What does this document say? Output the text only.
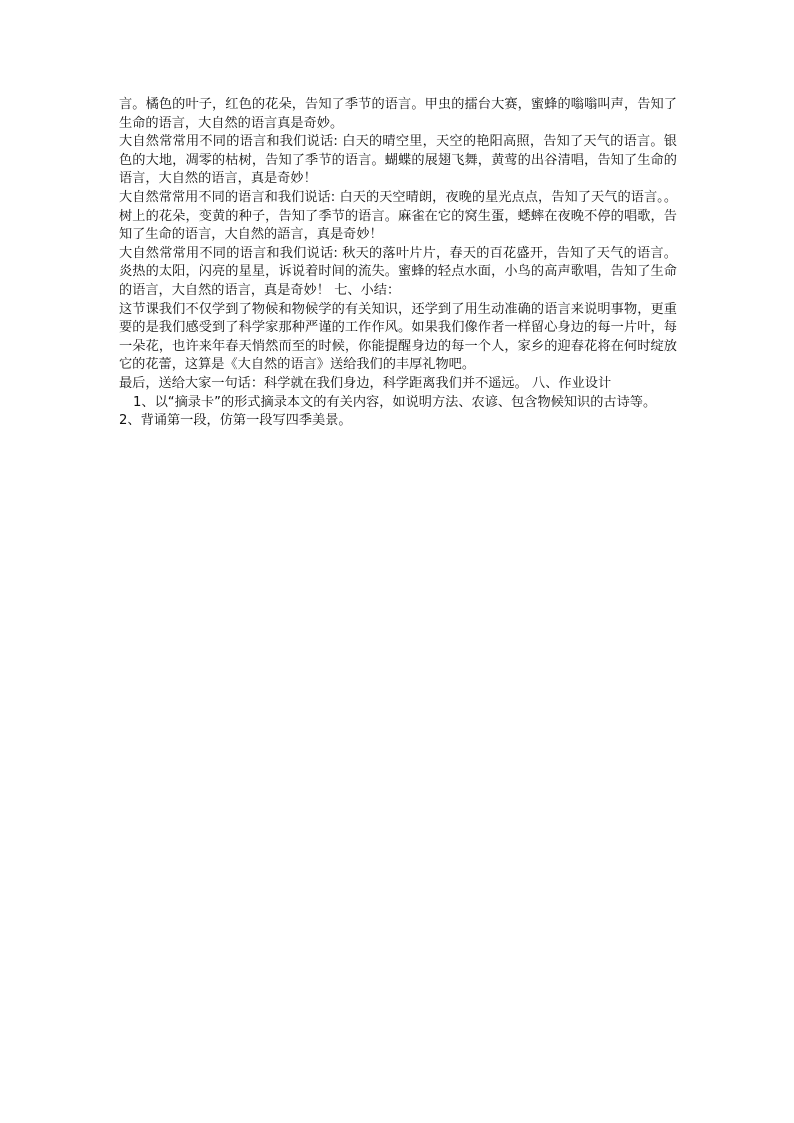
言。橘色的叶子，红色的花朵，告知了季节的语言。甲虫的擂台大赛，蜜蜂的嗡嗡叫声，告知了生命的语言，大自然的语言真是奇妙。

大自然常常用不同的语言和我们说话: 白天的晴空里，天空的艳阳高照，告知了天气的语言。银色的大地，凋零的枯树，告知了季节的语言。蝴蝶的展翅飞舞，黄莺的出谷清唱，告知了生命的语言，大自然的语言，真是奇妙！

大自然常常用不同的语言和我们说话: 白天的天空晴朗，夜晚的星光点点，告知了天气的语言。。树上的花朵，变黄的种子，告知了季节的语言。麻雀在它的窝生蛋，蟋蟀在夜晚不停的唱歌，告知了生命的语言，大自然的語言，真是奇妙！

大自然常常用不同的语言和我们说话: 秋天的落叶片片，春天的百花盛开，告知了天气的语言。炎热的太阳，闪亮的星星，诉说着时间的流失。蜜蜂的轻点水面，小鸟的高声歌唱，告知了生命的语言，大自然的语言，真是奇妙！ 七、小结：

这节课我们不仅学到了物候和物候学的有关知识，还学到了用生动准确的语言来说明事物，更重要的是我们感受到了科学家那种严谨的工作作风。如果我们像作者一样留心身边的每一片叶，每一朵花，也许来年春天悄然而至的时候，你能提醒身边的每一个人，家乡的迎春花将在何时绽放它的花蕾，这算是《大自然的语言》送给我们的丰厚礼物吧。

最后，送给大家一句话：科学就在我们身边，科学距离我们并不遥远。 八、作业设计

1、以“摘录卡”的形式摘录本文的有关内容，如说明方法、农谚、包含物候知识的古诗等。

2、背诵第一段，仿第一段写四季美景。
